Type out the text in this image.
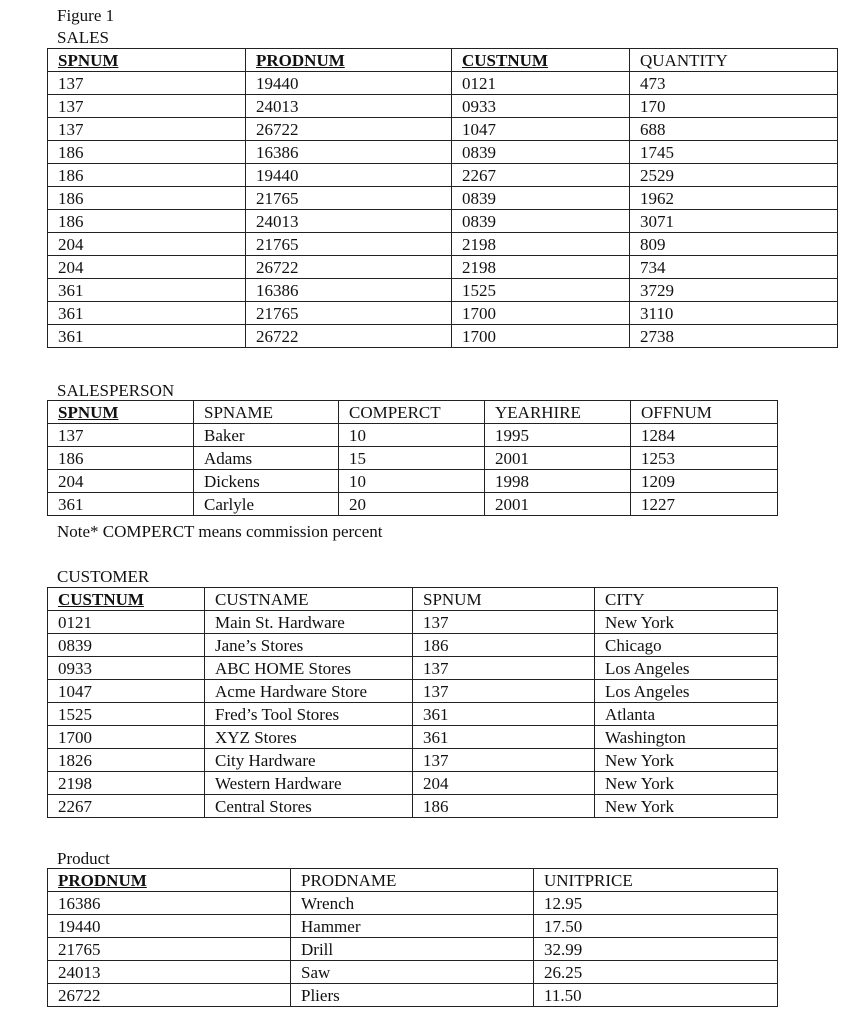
Figure 1
SALES
SPNUM	PRODNUM	CUSTNUM	QUANTITY
137	19440	0121	473
137	24013	0933	170
137	26722	1047	688
186	16386	0839	1745
186	19440	2267	2529
186	21765	0839	1962
186	24013	0839	3071
204	21765	2198	809
204	26722	2198	734
361	16386	1525	3729
361	21765	1700	3110
361	26722	1700	2738
SALESPERSON
SPNUM	SPNAME	COMPERCT	YEARHIRE	OFFNUM
137	Baker	10	1995	1284
186	Adams	15	2001	1253
204	Dickens	10	1998	1209
361	Carlyle	20	2001	1227
Note* COMPERCT means commission percent
CUSTOMER
CUSTNUM	CUSTNAME	SPNUM	CITY
0121	Main St. Hardware	137	New York
0839	Jane’s Stores	186	Chicago
0933	ABC HOME Stores	137	Los Angeles
1047	Acme Hardware Store	137	Los Angeles
1525	Fred’s Tool Stores	361	Atlanta
1700	XYZ Stores	361	Washington
1826	City Hardware	137	New York
2198	Western Hardware	204	New York
2267	Central Stores	186	New York
Product
PRODNUM	PRODNAME	UNITPRICE
16386	Wrench	12.95
19440	Hammer	17.50
21765	Drill	32.99
24013	Saw	26.25
26722	Pliers	11.50
